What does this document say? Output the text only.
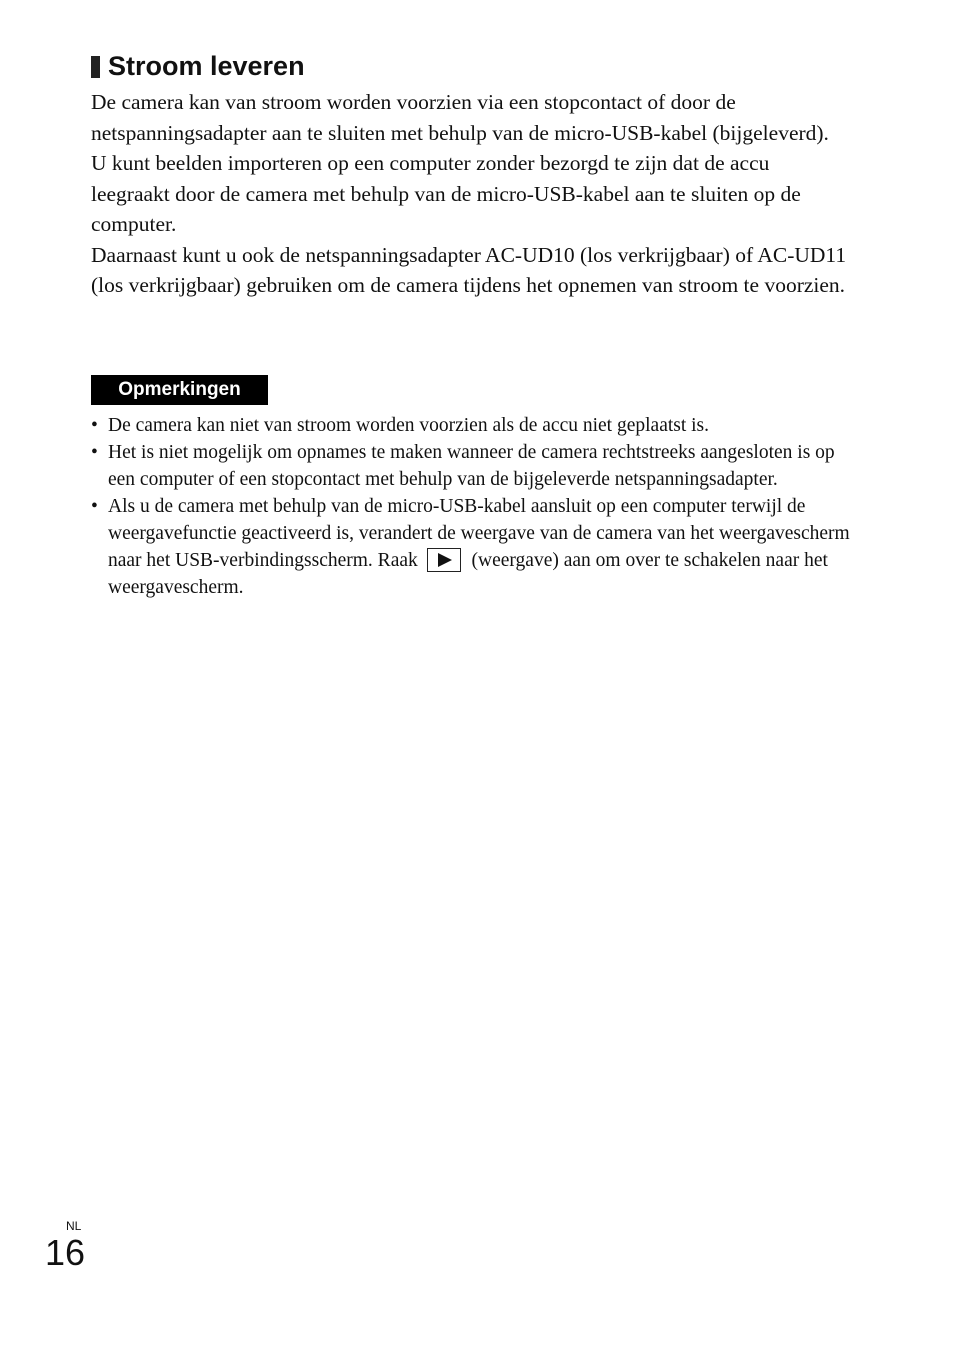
Stroom leveren

De camera kan van stroom worden voorzien via een stopcontact of door de netspanningsadapter aan te sluiten met behulp van de micro-USB-kabel (bijgeleverd).

U kunt beelden importeren op een computer zonder bezorgd te zijn dat de accu leegraakt door de camera met behulp van de micro-USB-kabel aan te sluiten op de computer.

Daarnaast kunt u ook de netspanningsadapter AC-UD10 (los verkrijgbaar) of AC-UD11 (los verkrijgbaar) gebruiken om de camera tijdens het opnemen van stroom te voorzien.

Opmerkingen
• De camera kan niet van stroom worden voorzien als de accu niet geplaatst is.
• Het is niet mogelijk om opnames te maken wanneer de camera rechtstreeks aangesloten is op een computer of een stopcontact met behulp van de bijgeleverde netspanningsadapter.
• Als u de camera met behulp van de micro-USB-kabel aansluit op een computer terwijl de weergavefunctie geactiveerd is, verandert de weergave van de camera van het weergavescherm naar het USB-verbindingsscherm. Raak	(weergave) aan om over te schakelen naar het weergavescherm.
NL
16
